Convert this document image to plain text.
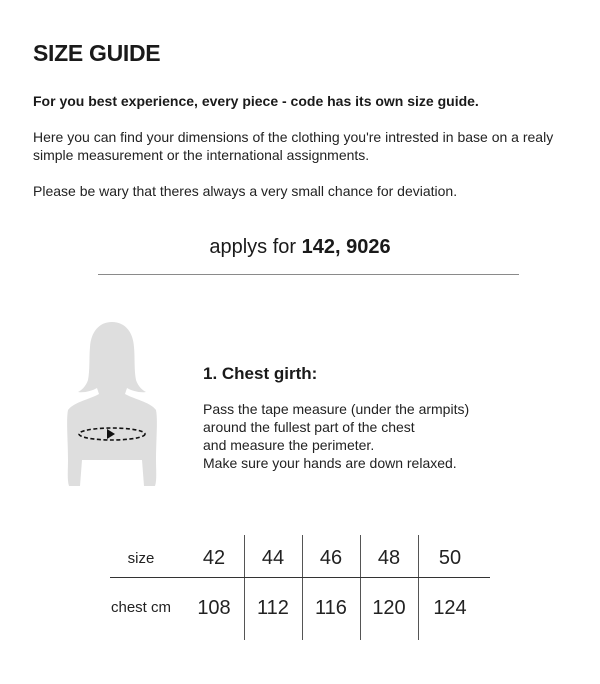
SIZE GUIDE

For you best experience, every piece - code has its own size guide.

Here you can find your dimensions of the clothing you're intrested in base on a realy simple measurement or the international assignments.

Please be wary that theres always a very small chance for deviation.

applys for 142, 9026

1. Chest girth:

Pass the tape measure (under the armpits)
around the fullest part of the chest
and measure the perimeter.
Make sure your hands are down relaxed.

size	42	44	46	48	50
chest cm	108	112	116	120	124
